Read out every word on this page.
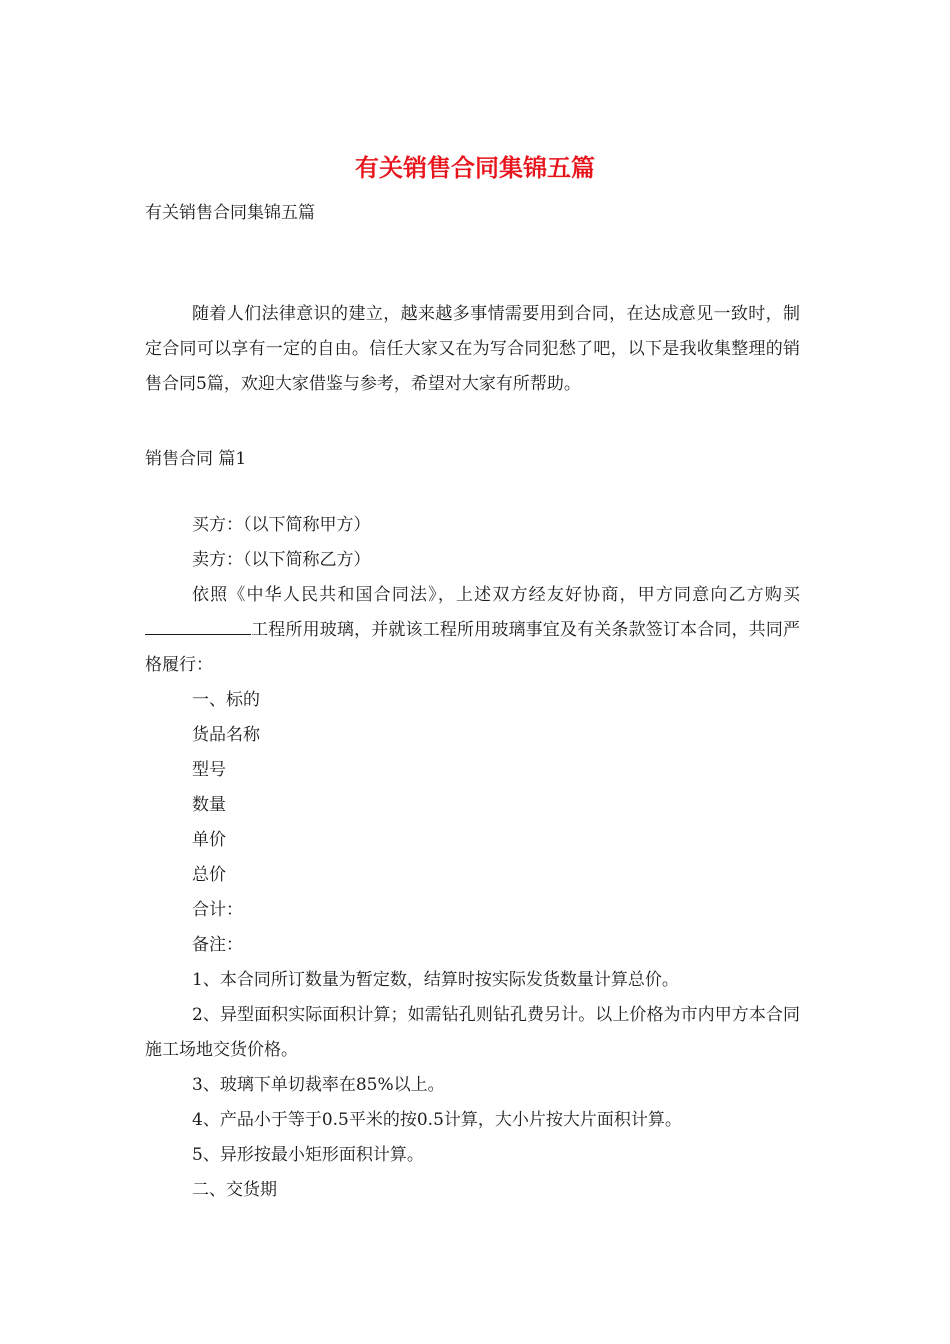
有关销售合同集锦五篇
有关销售合同集锦五篇
随着人们法律意识的建立，越来越多事情需要用到合同，在达成意见一致时，制定合同可以享有一定的自由。信任大家又在为写合同犯愁了吧，以下是我收集整理的销售合同5篇，欢迎大家借鉴与参考，希望对大家有所帮助。
销售合同 篇1

买方：（以下简称甲方）

卖方：（以下简称乙方）

依照《中华人民共和国合同法》，上述双方经友好协商，甲方同意向乙方购买工程所用玻璃，并就该工程所用玻璃事宜及有关条款签订本合同，共同严格履行：

一、标的

货品名称

型号

数量

单价

总价

合计：

备注：

1、本合同所订数量为暂定数，结算时按实际发货数量计算总价。

2、异型面积实际面积计算；如需钻孔则钻孔费另计。以上价格为市内甲方本合同施工场地交货价格。

3、玻璃下单切裁率在85%以上。

4、产品小于等于0.5平米的按0.5计算，大小片按大片面积计算。

5、异形按最小矩形面积计算。

二、交货期
